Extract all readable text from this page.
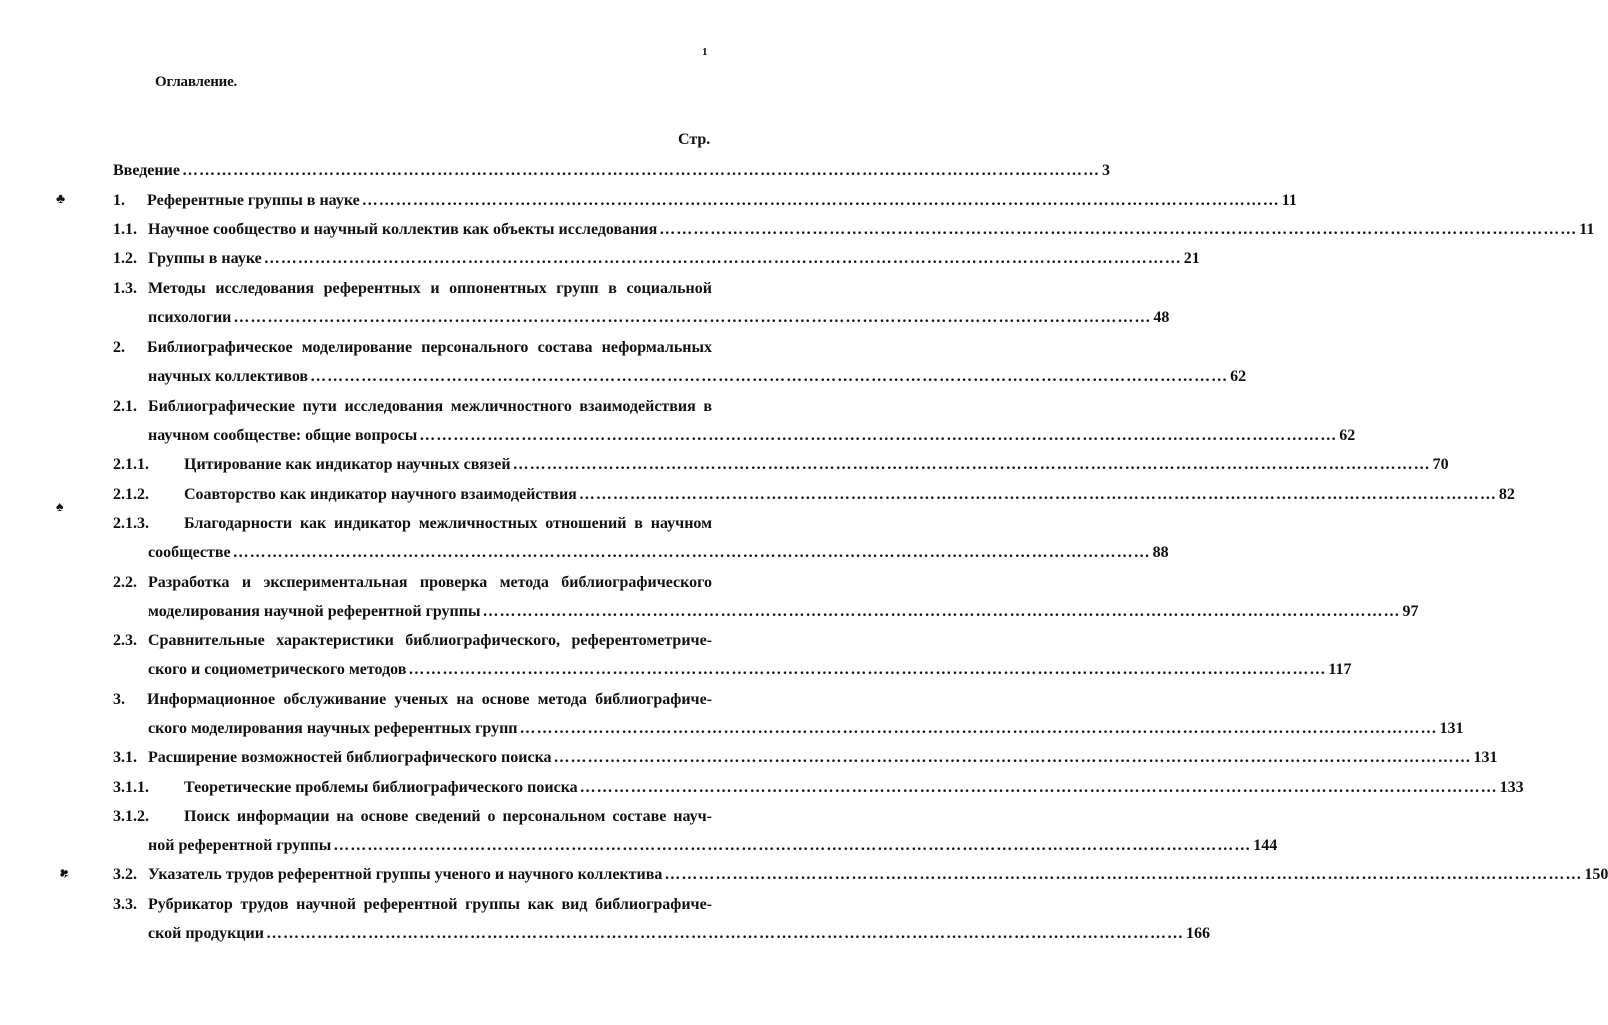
1
Оглавление.
Стр.
♣
♠
♣
Введение ………………………………………………………………………………………………………………………………………………	3
1.	Референтные группы в науке ………………………………………………………………………………………………………………………………………………	11
1.1. Научное сообщество и научный коллектив как объекты исследования ………………………………………………………………………………………………………………………………………………	11
1.2. Группы в науке ………………………………………………………………………………………………………………………………………………	21
1.3. Методы исследования референтных и оппонентных групп в социальной
психологии ………………………………………………………………………………………………………………………………………………	48
2.	Библиографическое моделирование персонального состава неформальных
научных коллективов ………………………………………………………………………………………………………………………………………………	62
2.1. Библиографические пути исследования межличностного взаимодействия в
научном сообществе: общие вопросы ………………………………………………………………………………………………………………………………………………	62
2.1.1.	Цитирование как индикатор научных связей ………………………………………………………………………………………………………………………………………………	70
2.1.2.	Соавторство как индикатор научного взаимодействия ………………………………………………………………………………………………………………………………………………	82
2.1.3.	Благодарности как индикатор межличностных отношений в научном
сообществе ………………………………………………………………………………………………………………………………………………	88
2.2. Разработка и экспериментальная проверка метода библиографического
моделирования научной референтной группы ………………………………………………………………………………………………………………………………………………	97
2.3. Сравнительные характеристики библиографического, референтометриче-
ского и социометрического методов ………………………………………………………………………………………………………………………………………………	117
3.	Информационное обслуживание ученых на основе метода библиографиче-
ского моделирования научных референтных групп ………………………………………………………………………………………………………………………………………………	131
3.1. Расширение возможностей библиографического поиска ………………………………………………………………………………………………………………………………………………	131
3.1.1.	Теоретические проблемы библиографического поиска ………………………………………………………………………………………………………………………………………………	133
3.1.2.	Поиск информации на основе сведений о персональном составе науч-
ной референтной группы ………………………………………………………………………………………………………………………………………………	144
3.2. Указатель трудов референтной группы ученого и научного коллектива ………………………………………………………………………………………………………………………………………………	150
3.3. Рубрикатор трудов научной референтной группы как вид библиографиче-
ской продукции ………………………………………………………………………………………………………………………………………………	166
